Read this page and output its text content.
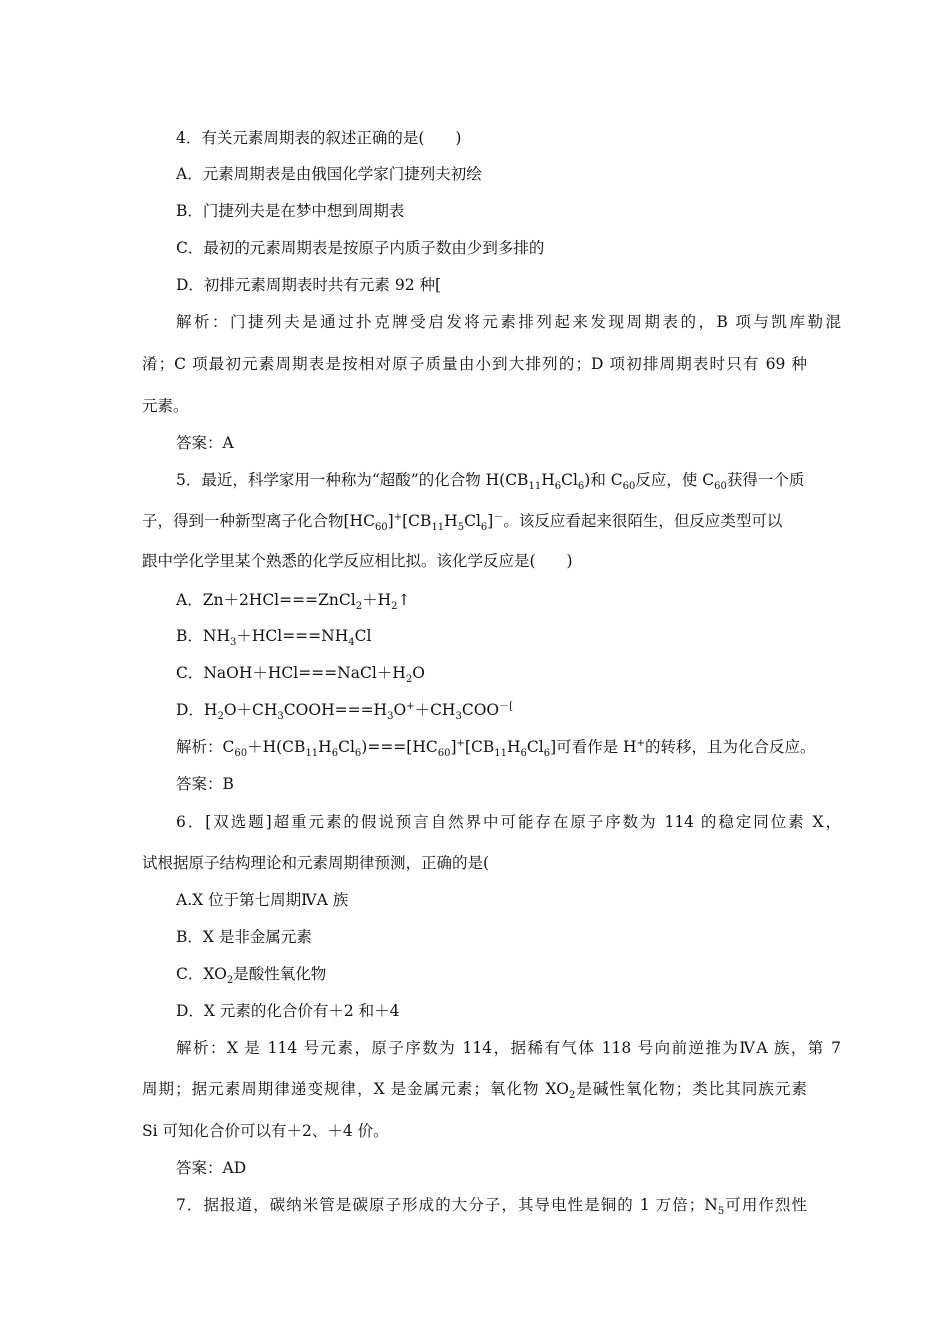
4．有关元素周期表的叙述正确的是(　　)
A．元素周期表是由俄国化学家门捷列夫初绘
B．门捷列夫是在梦中想到周期表
C．最初的元素周期表是按原子内质子数由少到多排的
D．初排元素周期表时共有元素 92 种[
解析：门捷列夫是通过扑克牌受启发将元素排列起来发现周期表的，B 项与凯库勒混
淆；C 项最初元素周期表是按相对原子质量由小到大排列的；D 项初排周期表时只有 69 种
元素。
答案：A
5．最近，科学家用一种称为“超酸”的化合物 $H(CB_{11}H_6Cl_6)$和 $C_{60}$反应，使 $C_{60}$获得一个质
子，得到一种新型离子化合物$[HC_{60}]^+[CB_{11}H_5Cl_6]^-$。该反应看起来很陌生，但反应类型可以
跟中学化学里某个熟悉的化学反应相比拟。该化学反应是(　　)
A．$Zn+2HCl===ZnCl_2+H_2↑$
B．$NH_3+HCl===NH_4Cl$
C．$NaOH+HCl===NaCl+H_2O$
D．$H_2O+CH_3COOH===H_3O^++CH_3COO^{-[}$
解析：$C_{60}+H(CB_{11}H_6Cl_6)===[HC_{60}]^+[CB_{11}H_6Cl_6]$可看作是 H+的转移，且为化合反应。
答案：B
6．[双选题]超重元素的假说预言自然界中可能存在原子序数为 114 的稳定同位素 X，
试根据原子结构理论和元素周期律预测，正确的是(
A.X 位于第七周期ⅣA 族
B．X 是非金属元素
C．$XO_2$是酸性氧化物
D．X 元素的化合价有＋2 和＋4
解析：X 是 114 号元素，原子序数为 114，据稀有气体 118 号向前逆推为ⅣA 族，第 7
周期；据元素周期律递变规律，X 是金属元素；氧化物 $XO_2$是碱性氧化物；类比其同族元素
Si 可知化合价可以有＋2、＋4 价。
答案：AD
7．据报道，碳纳米管是碳原子形成的大分子，其导电性是铜的 1 万倍；$N_5$可用作烈性
